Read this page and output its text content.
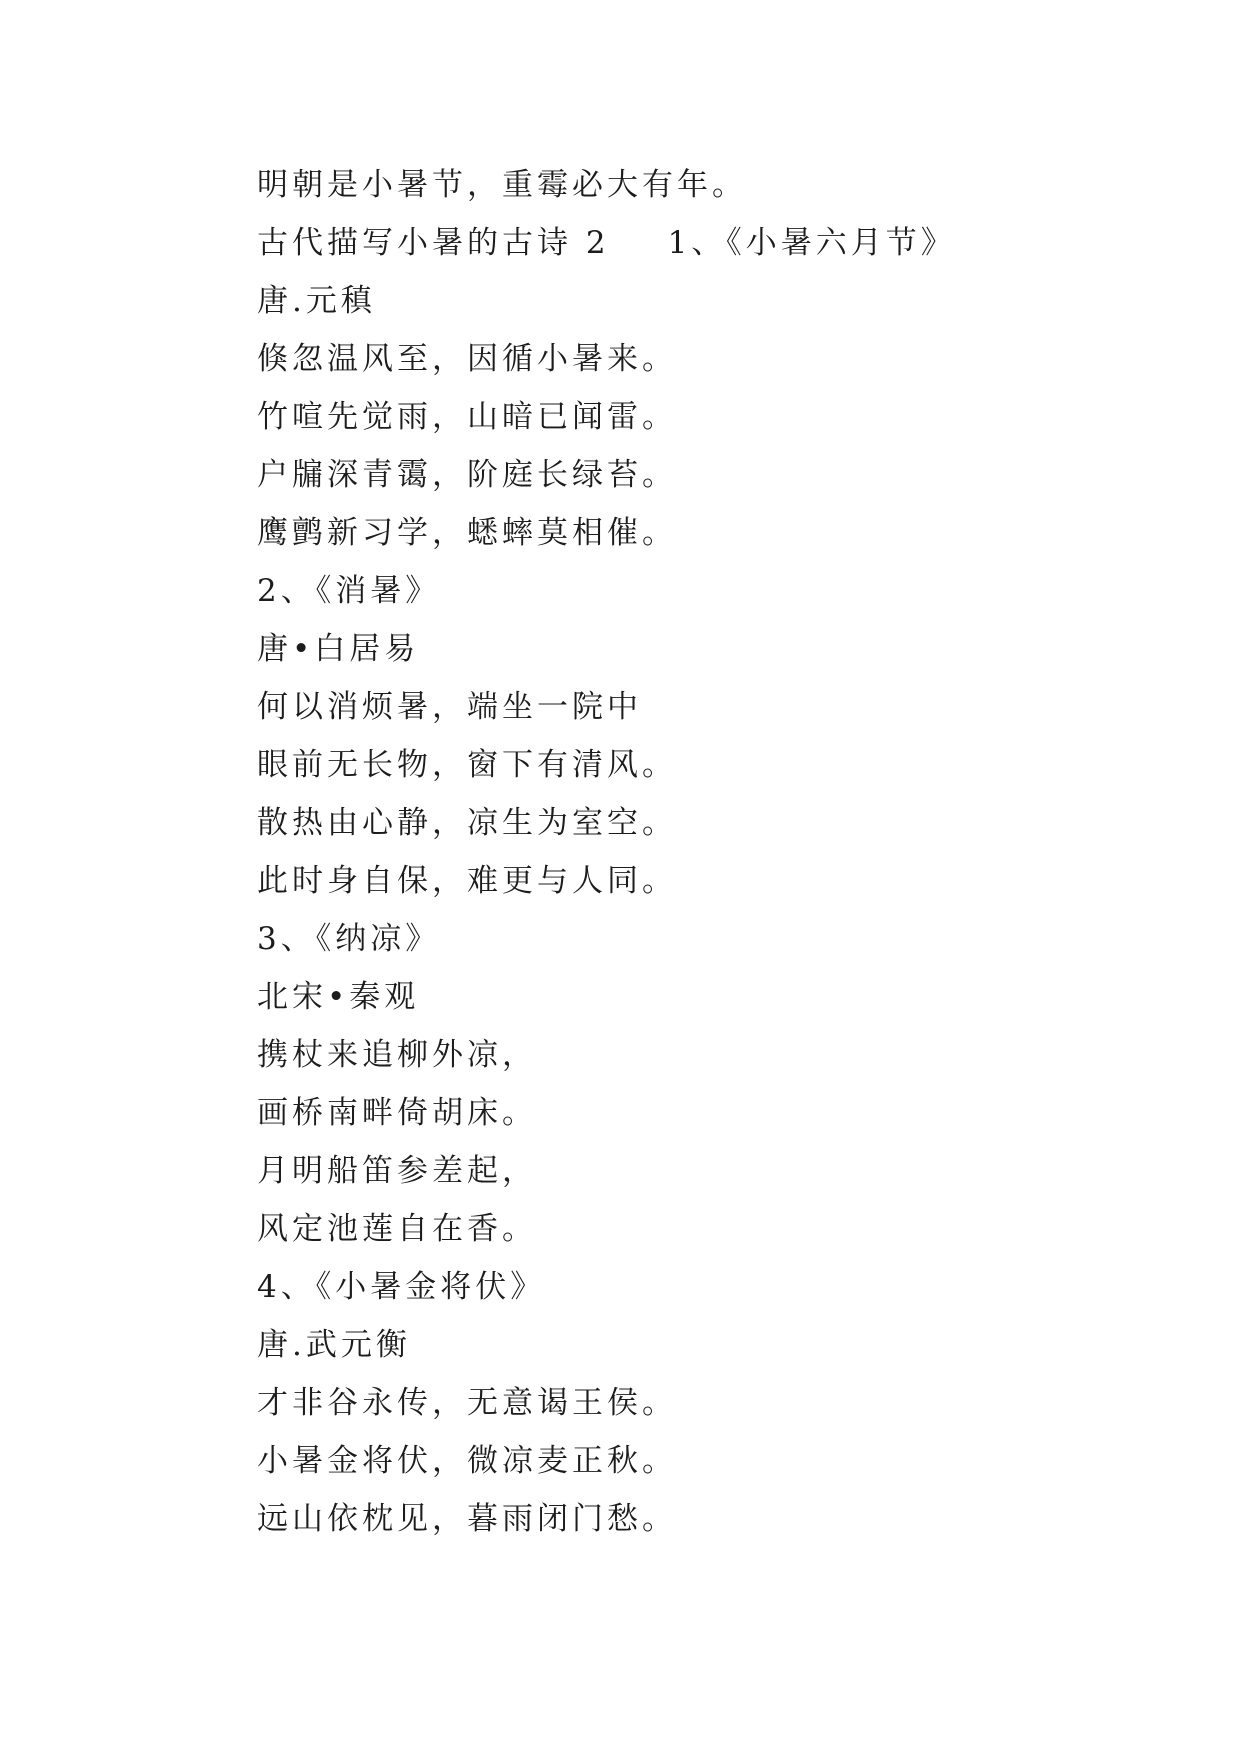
明朝是小暑节，重霉必大有年。
古代描写小暑的古诗 2 1、《小暑六月节》
唐.元稹
倏忽温风至，因循小暑来。
竹喧先觉雨，山暗已闻雷。
户牖深青霭，阶庭长绿苔。
鹰鹯新习学，蟋蟀莫相催。
2、《消暑》
唐•白居易
何以消烦暑，端坐一院中
眼前无长物，窗下有清风。
散热由心静，凉生为室空。
此时身自保，难更与人同。
3、《纳凉》
北宋•秦观
携杖来追柳外凉，
画桥南畔倚胡床。
月明船笛参差起，
风定池莲自在香。
4、《小暑金将伏》
唐.武元衡
才非谷永传，无意谒王侯。
小暑金将伏，微凉麦正秋。
远山依枕见，暮雨闭门愁。
